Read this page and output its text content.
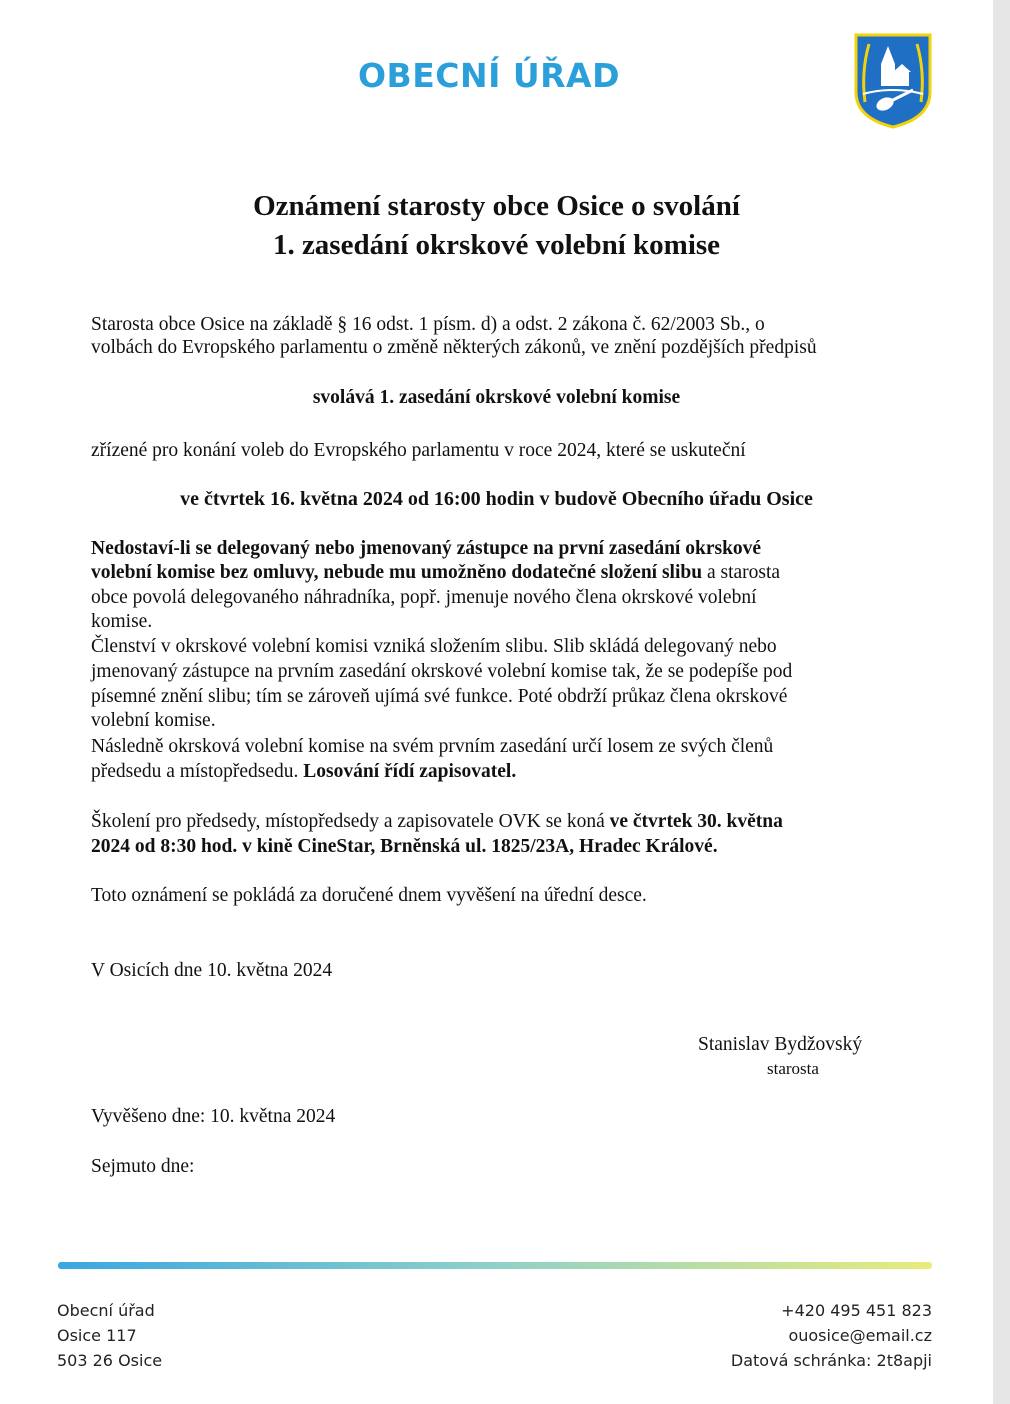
OBECNÍ ÚŘAD
Oznámení starosty obce Osice o svolání
1. zasedání okrskové volební komise
Starosta obce Osice na základě § 16 odst. 1 písm. d) a odst. 2 zákona č. 62/2003 Sb., o
volbách do Evropského parlamentu o změně některých zákonů, ve znění pozdějších předpisů
svolává 1. zasedání okrskové volební komise
zřízené pro konání voleb do Evropského parlamentu v roce 2024, které se uskuteční
ve čtvrtek 16. května 2024 od 16:00 hodin v budově Obecního úřadu Osice
Nedostaví-li se delegovaný nebo jmenovaný zástupce na první zasedání okrskové
volební komise bez omluvy, nebude mu umožněno dodatečné složení slibu a starosta
obce povolá delegovaného náhradníka, popř. jmenuje nového člena okrskové volební
komise.
Členství v okrskové volební komisi vzniká složením slibu. Slib skládá delegovaný nebo
jmenovaný zástupce na prvním zasedání okrskové volební komise tak, že se podepíše pod
písemné znění slibu; tím se zároveň ujímá své funkce. Poté obdrží průkaz člena okrskové
volební komise.
Následně okrsková volební komise na svém prvním zasedání určí losem ze svých členů
předsedu a místopředsedu. Losování řídí zapisovatel.
Školení pro předsedy, místopředsedy a zapisovatele OVK se koná ve čtvrtek 30. května
2024 od 8:30 hod. v kině CineStar, Brněnská ul. 1825/23A, Hradec Králové.
Toto oznámení se pokládá za doručené dnem vyvěšení na úřední desce.
V Osicích dne 10. května 2024
Stanislav Bydžovský
starosta
Vyvěšeno dne: 10. května 2024
Sejmuto dne:
Obecní úřad
Osice 117
503 26 Osice
+420 495 451 823
ouosice@email.cz
Datová schránka: 2t8apji
